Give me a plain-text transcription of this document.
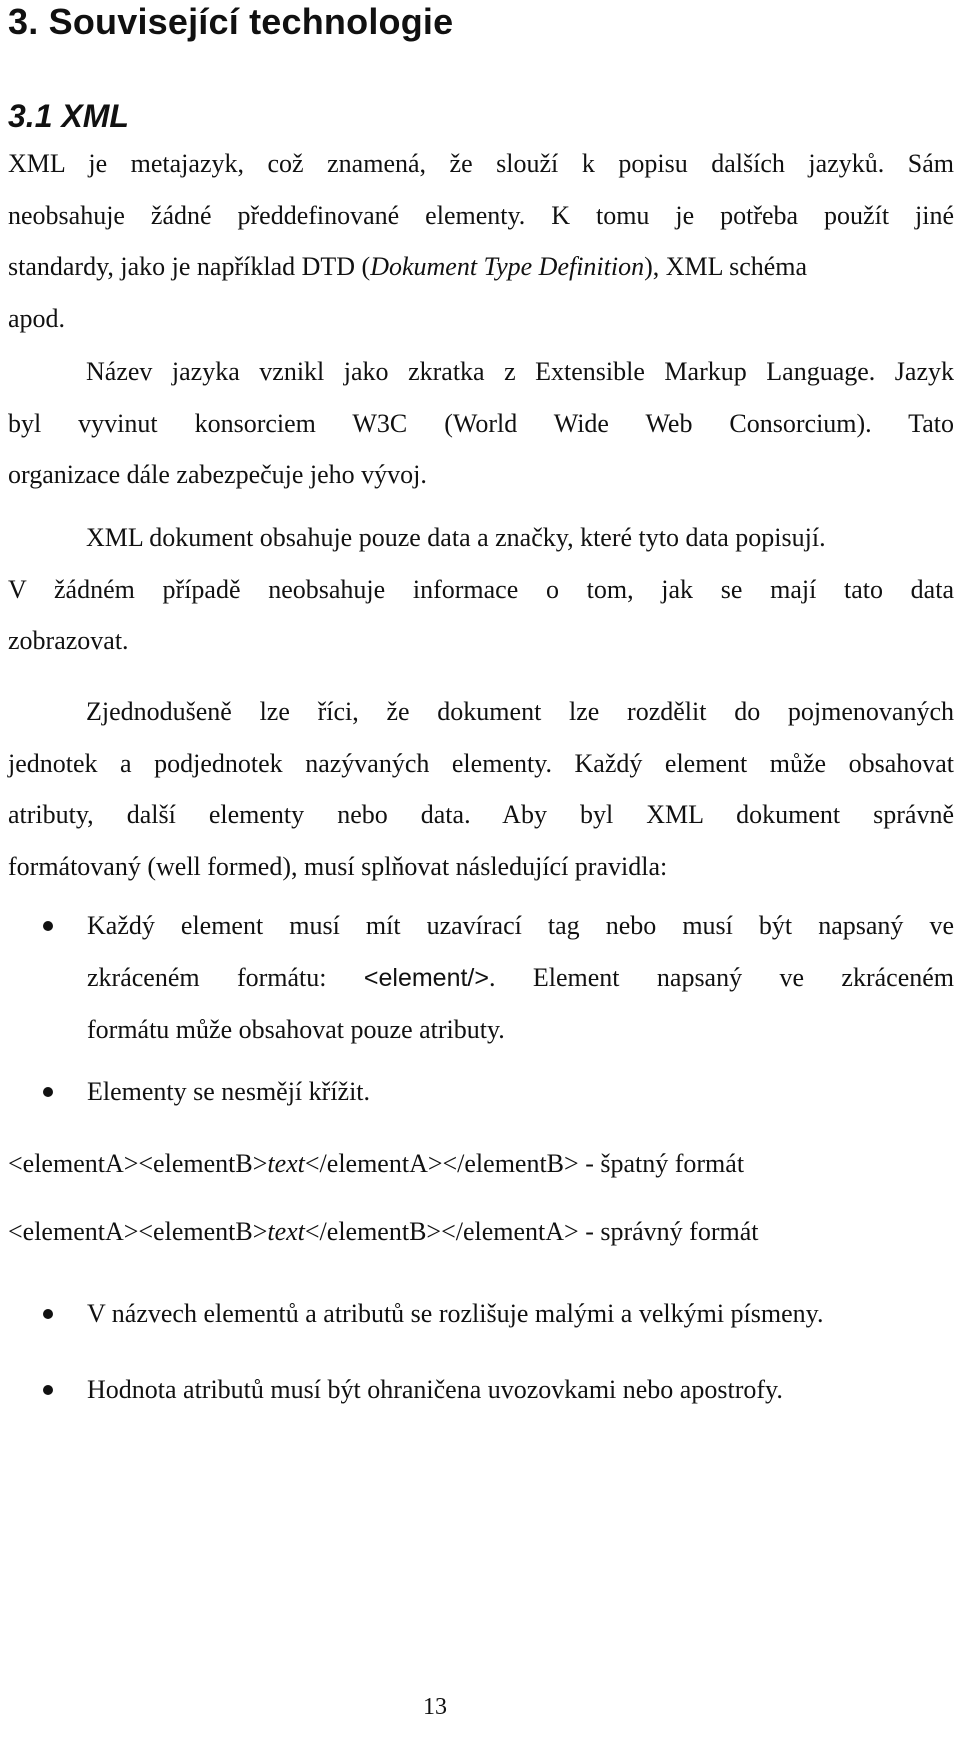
3. Související technologie
3.1 XML
XML je metajazyk, což znamená, že slouží k popisu dalších jazyků. Sám
neobsahuje žádné předdefinované elementy. K tomu je potřeba použít jiné
standardy, jako je například DTD (Dokument Type Definition), XML schéma
apod.
Název jazyka vznikl jako zkratka z Extensible Markup Language. Jazyk
byl vyvinut konsorciem W3C (World Wide Web Consorcium). Tato
organizace dále zabezpečuje jeho vývoj.
XML dokument obsahuje pouze data a značky, které tyto data popisují.
V žádném případě neobsahuje informace o tom, jak se mají tato data
zobrazovat.
Zjednodušeně lze říci, že dokument lze rozdělit do pojmenovaných
jednotek a podjednotek nazývaných elementy. Každý element může obsahovat
atributy, další elementy nebo data. Aby byl XML dokument správně
formátovaný (well formed), musí splňovat následující pravidla:
Každý element musí mít uzavírací tag nebo musí být napsaný ve
zkráceném formátu: <element/>. Element napsaný ve zkráceném
formátu může obsahovat pouze atributy.
Elementy se nesmějí křížit.
<elementA><elementB>text</elementA></elementB> - špatný formát
<elementA><elementB>text</elementB></elementA> - správný formát
V názvech elementů a atributů se rozlišuje malými a velkými písmeny.
Hodnota atributů musí být ohraničena uvozovkami nebo apostrofy.
13
